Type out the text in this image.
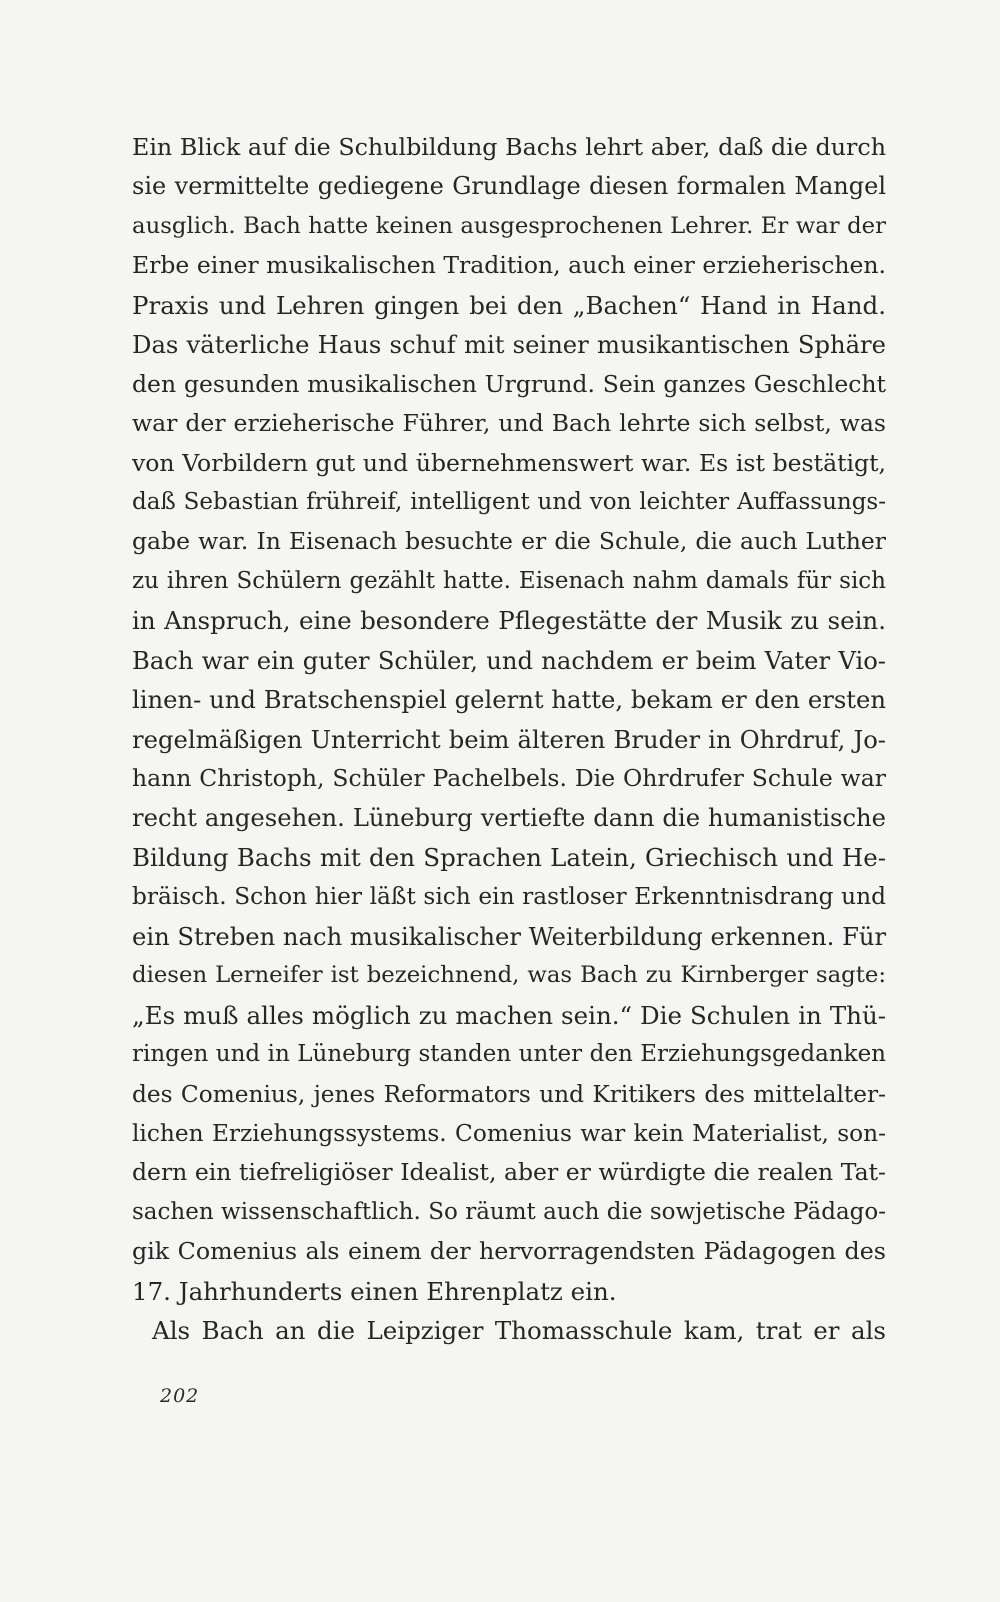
Ein Blick auf die Schulbildung Bachs lehrt aber, daß die durch
sie vermittelte gediegene Grundlage diesen formalen Mangel
ausglich. Bach hatte keinen ausgesprochenen Lehrer. Er war der
Erbe einer musikalischen Tradition, auch einer erzieherischen.
Praxis und Lehren gingen bei den „Bachen“ Hand in Hand.
Das väterliche Haus schuf mit seiner musikantischen Sphäre
den gesunden musikalischen Urgrund. Sein ganzes Geschlecht
war der erzieherische Führer, und Bach lehrte sich selbst, was
von Vorbildern gut und übernehmenswert war. Es ist bestätigt,
daß Sebastian frühreif, intelligent und von leichter Auffassungs-
gabe war. In Eisenach besuchte er die Schule, die auch Luther
zu ihren Schülern gezählt hatte. Eisenach nahm damals für sich
in Anspruch, eine besondere Pflegestätte der Musik zu sein.
Bach war ein guter Schüler, und nachdem er beim Vater Vio-
linen- und Bratschenspiel gelernt hatte, bekam er den ersten
regelmäßigen Unterricht beim älteren Bruder in Ohrdruf, Jo-
hann Christoph, Schüler Pachelbels. Die Ohrdrufer Schule war
recht angesehen. Lüneburg vertiefte dann die humanistische
Bildung Bachs mit den Sprachen Latein, Griechisch und He-
bräisch. Schon hier läßt sich ein rastloser Erkenntnisdrang und
ein Streben nach musikalischer Weiterbildung erkennen. Für
diesen Lerneifer ist bezeichnend, was Bach zu Kirnberger sagte:
„Es muß alles möglich zu machen sein.“ Die Schulen in Thü-
ringen und in Lüneburg standen unter den Erziehungsgedanken
des Comenius, jenes Reformators und Kritikers des mittelalter-
lichen Erziehungssystems. Comenius war kein Materialist, son-
dern ein tiefreligiöser Idealist, aber er würdigte die realen Tat-
sachen wissenschaftlich. So räumt auch die sowjetische Pädago-
gik Comenius als einem der hervorragendsten Pädagogen des
17. Jahrhunderts einen Ehrenplatz ein.
Als Bach an die Leipziger Thomasschule kam, trat er als
202
